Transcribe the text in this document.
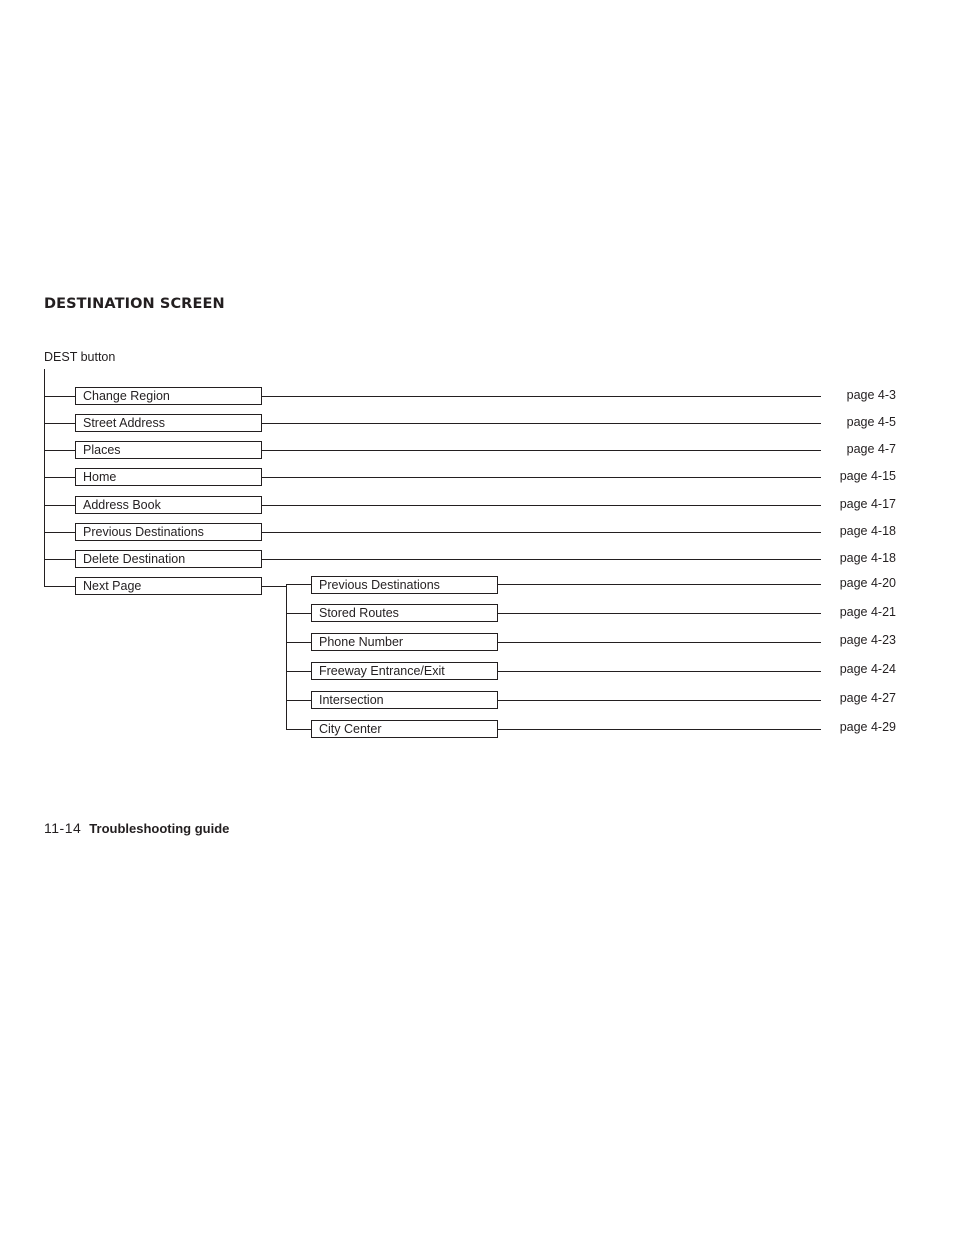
DESTINATION SCREEN
DEST button
Change Region	page 4-3
Street Address	page 4-5
Places	page 4-7
Home	page 4-15
Address Book	page 4-17
Previous Destinations	page 4-18
Delete Destination	page 4-18
Next Page	Previous Destinations	page 4-20
Stored Routes	page 4-21
Phone Number	page 4-23
Freeway Entrance/Exit	page 4-24
Intersection	page 4-27
City Center	page 4-29
11-14 Troubleshooting guide
